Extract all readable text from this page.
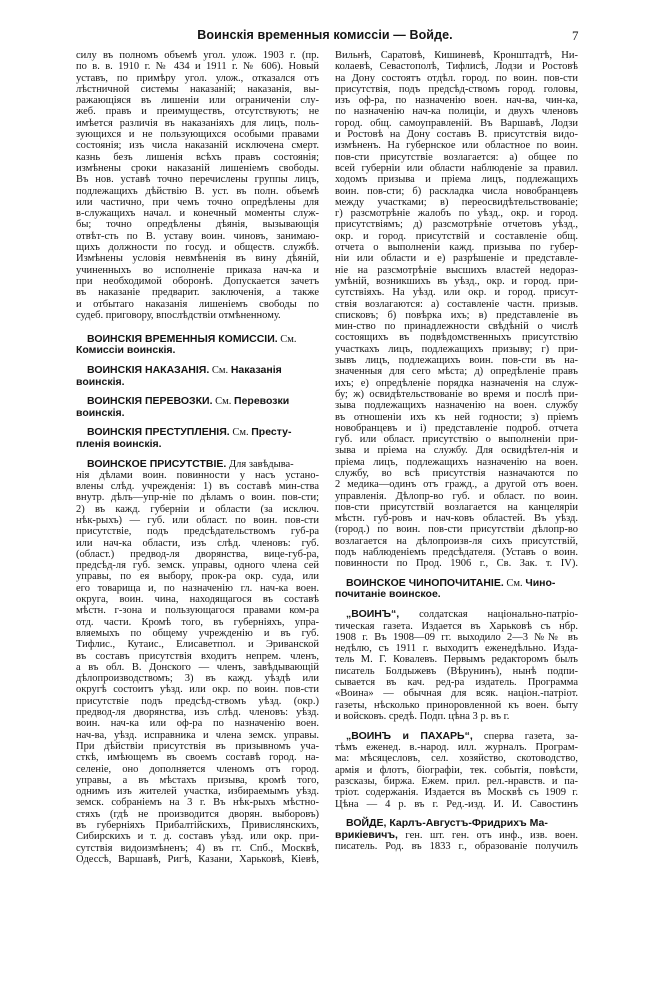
Воинскія временныя комиссіи — Войде.	7
силу въ полномъ объемѣ угол. улож. 1903 г. (пр.
по в. в. 1910 г. № 434 и 1911 г. № 606). Новый
уставъ, по примѣру угол. улож., отказался отъ
лѣстничной системы наказаній; наказанія, вы-
ражающіяся въ лишеніи или ограниченіи слу-
жеб. правъ и преимуществъ, отсутствуютъ; не
имѣется различія въ наказаніяхъ для лицъ, поль-
зующихся и не пользующихся особыми правами
состоянія; изъ числа наказаній исключена смерт.
казнь безъ лишенія всѣхъ правъ состоянія;
измѣнены сроки наказаній лишеніемъ свободы.
Въ нов. уставѣ точно перечислены группы лицъ,
подлежащихъ дѣйствію В. уст. въ полн. объемѣ
или частично, при чемъ точно опредѣлены для
в-служащихъ начал. и конечный моменты служ-
бы; точно опредѣлены дѣянія, вызывающія
отвѣт-сть по В. уставу воин. чиновъ, занимаю-
щихъ должности по госуд. и обществ. службѣ.
Измѣнены условія невмѣненія въ вину дѣяній,
учиненныхъ во исполненіе приказа нач-ка и
при необходимой оборонѣ. Допускается зачетъ
въ наказаніе предварит. заключенія, а также
и отбытаго наказанія лишеніемъ свободы по
судеб. приговору, впослѣдствіи отмѣненному.
ВОИНСКІЯ ВРЕМЕННЫЯ КОМИССІИ. См.
Комиссіи воинскія.
ВОИНСКІЯ НАКАЗАНІЯ. См. Наказанія
воинскія.
ВОИНСКІЯ ПЕРЕВОЗКИ. См. Перевозки
воинскія.
ВОИНСКІЯ ПРЕСТУПЛЕНІЯ. См. Престу-
пленія воинскія.
ВОИНСКОЕ ПРИСУТСТВІЕ. Для завѣдыва-
нія дѣлами воин. повинности у насъ устано-
влены слѣд. учрежденія: 1) въ составѣ мин-ства
внутр. дѣлъ—упр-ніе по дѣламъ о воин. пов-сти;
2) въ кажд. губерніи и области (за исключ.
нѣк-рыхъ) — губ. или област. по воин. пов-сти
присутствіе, подъ предсѣдательствомъ губ-ра
или нач-ка области, изъ слѣд. членовъ: губ.
(област.) предвод-ля дворянства, вице-губ-ра,
предсѣд-ля губ. земск. управы, одного члена сей
управы, по ея выбору, прок-ра окр. суда, или
его товарища и, по назначенію гл. нач-ка воен.
округа, воин. чина, находящагося въ составѣ
мѣстн. г-зона и пользующагося правами ком-ра
отд. части. Кромѣ того, въ губерніяхъ, упра-
вляемыхъ по общему учрежденію и въ губ.
Тифлис., Кутаис., Елисаветпол. и Эриванской
въ составъ присутствія входитъ непрем. членъ,
а въ обл. В. Донского — членъ, завѣдывающій
дѣлопроизводствомъ; 3) въ кажд. уѣздѣ или
округѣ состоитъ уѣзд. или окр. по воин. пов-сти
присутствіе подъ предсѣд-ствомъ уѣзд. (окр.)
предвод-ля дворянства, изъ слѣд. членовъ: уѣзд.
воин. нач-ка или оф-ра по назначенію воен.
нач-ва, уѣзд. исправника и члена земск. управы.
При дѣйствіи присутствія въ призывномъ уча-
сткѣ, имѣющемъ въ своемъ составѣ город. на-
селеніе, оно дополняется членомъ отъ город.
управы, а въ мѣстахъ призыва, кромѣ того,
однимъ изъ жителей участка, избираемымъ уѣзд.
земск. собраніемъ на 3 г. Въ нѣк-рыхъ мѣстно-
стяхъ (гдѣ не производится дворян. выборовъ)
въ губерніяхъ Прибалтійскихъ, Привислянскихъ,
Сибирскихъ и т. д. составъ уѣзд. или окр. при-
сутствія видоизмѣненъ; 4) въ гг. Спб., Москвѣ,
Одессѣ, Варшавѣ, Ригѣ, Казани, Харьковѣ, Кіевѣ,
Вильнѣ, Саратовѣ, Кишиневѣ, Кронштадтѣ, Ни-
колаевѣ, Севастополѣ, Тифлисѣ, Лодзи и Ростовѣ
на Дону состоятъ отдѣл. город. по воин. пов-сти
присутствія, подъ предсѣд-ствомъ город. головы,
изъ оф-ра, по назначенію воен. нач-ва, чин-ка,
по назначенію нач-ка полиціи, и двухъ членовъ
город. общ. самоуправленій. Въ Варшавѣ, Лодзи
и Ростовѣ на Дону составъ В. присутствія видо-
измѣненъ. На губернское или областное по воин.
пов-сти присутствіе возлагается: а) общее по
всей губерніи или области наблюденіе за правил.
ходомъ призыва и пріема лицъ, подлежащихъ
воин. пов-сти; б) раскладка числа новобранцевъ
между участками; в) переосвидѣтельствованіе;
г) разсмотрѣніе жалобъ по уѣзд., окр. и город.
присутствіямъ; д) разсмотрѣніе отчетовъ уѣзд.,
окр. и город. присутствій и составленіе общ.
отчета о выполненіи кажд. призыва по губер-
ніи или области и е) разрѣшеніе и представле-
ніе на разсмотрѣніе высшихъ властей недораз-
умѣній, возникшихъ въ уѣзд., окр. и город. при-
сутствіяхъ. На уѣзд. или окр. и город. присут-
ствія возлагаются: а) составленіе частн. призыв.
списковъ; б) повѣрка ихъ; в) представленіе въ
мин-ство по принадлежности свѣдѣній о числѣ
состоящихъ въ подвѣдомственныхъ присутствію
участкахъ лицъ, подлежащихъ призыву; г) при-
зывъ лицъ, подлежащихъ воин. пов-сти въ на-
значенныя для сего мѣста; д) опредѣленіе правъ
ихъ; е) опредѣленіе порядка назначенія на служ-
бу; ж) освидѣтельствованіе во время и послѣ при-
зыва подлежащихъ назначенію на воен. службу
въ отношеніи ихъ къ ней годности; з) пріемъ
новобранцевъ и і) представленіе подроб. отчета
губ. или област. присутствію о выполненіи при-
зыва и пріема на службу. Для освидѣтел-нія и
пріема лицъ, подлежащихъ назначенію на воен.
службу, во всѣ присутствія назначаются по
2 медика—одинъ отъ гражд., а другой отъ воен.
управленія. Дѣлопр-во губ. и област. по воин.
пов-сти присутствій возлагается на канцеляріи
мѣстн. губ-ровъ и нач-ковъ областей. Въ уѣзд.
(город.) по воин. пов-сти присутствіи дѣлопр-во
возлагается на дѣлопроизв-ля сихъ присутствій,
подъ наблюденіемъ предсѣдателя. (Уставъ о воин.
повинности по Прод. 1906 г., Св. Зак. т. IV).
ВОИНСКОЕ ЧИНОПОЧИТАНІЕ. См. Чино-
почитаніе воинское.
„ВОИНЪ“, солдатская національно-патріо-
тическая газета. Издается въ Харьковѣ съ нбр.
1908 г. Въ 1908—09 гг. выходило 2—3 №№ въ
недѣлю, съ 1911 г. выходитъ еженедѣльно. Изда-
тель М. Г. Ковалевъ. Первымъ редакторомъ былъ
писатель Болдыжевъ (Вѣрунинъ), нынѣ подпи-
сывается въ кач. ред-ра издатель. Программа
«Воина» — обычная для всяк. націон.-патріот.
газеты, нѣсколько приноровленной къ воен. быту
и войсковъ. средѣ. Подп. цѣна 3 р. въ г.
„ВОИНЪ и ПАХАРЬ“, сперва газета, за-
тѣмъ еженед. в.-народ. илл. журналъ. Програм-
ма: мѣсяцесловъ, сел. хозяйство, скотоводство,
армія и флотъ, біографіи, тек. событія, повѣсти,
разсказы, биржа. Ежем. прил. рел.-нравств. и па-
тріот. содержанія. Издается въ Москвѣ съ 1909 г.
Цѣна — 4 р. въ г. Ред.-изд. И. И. Савостинъ
ВОЙДЕ, Карлъ-Августъ-Фридрихъ Ма-
врикіевичъ, ген. шт. ген. отъ инф., изв. воен.
писатель. Род. въ 1833 г., образованіе получилъ
